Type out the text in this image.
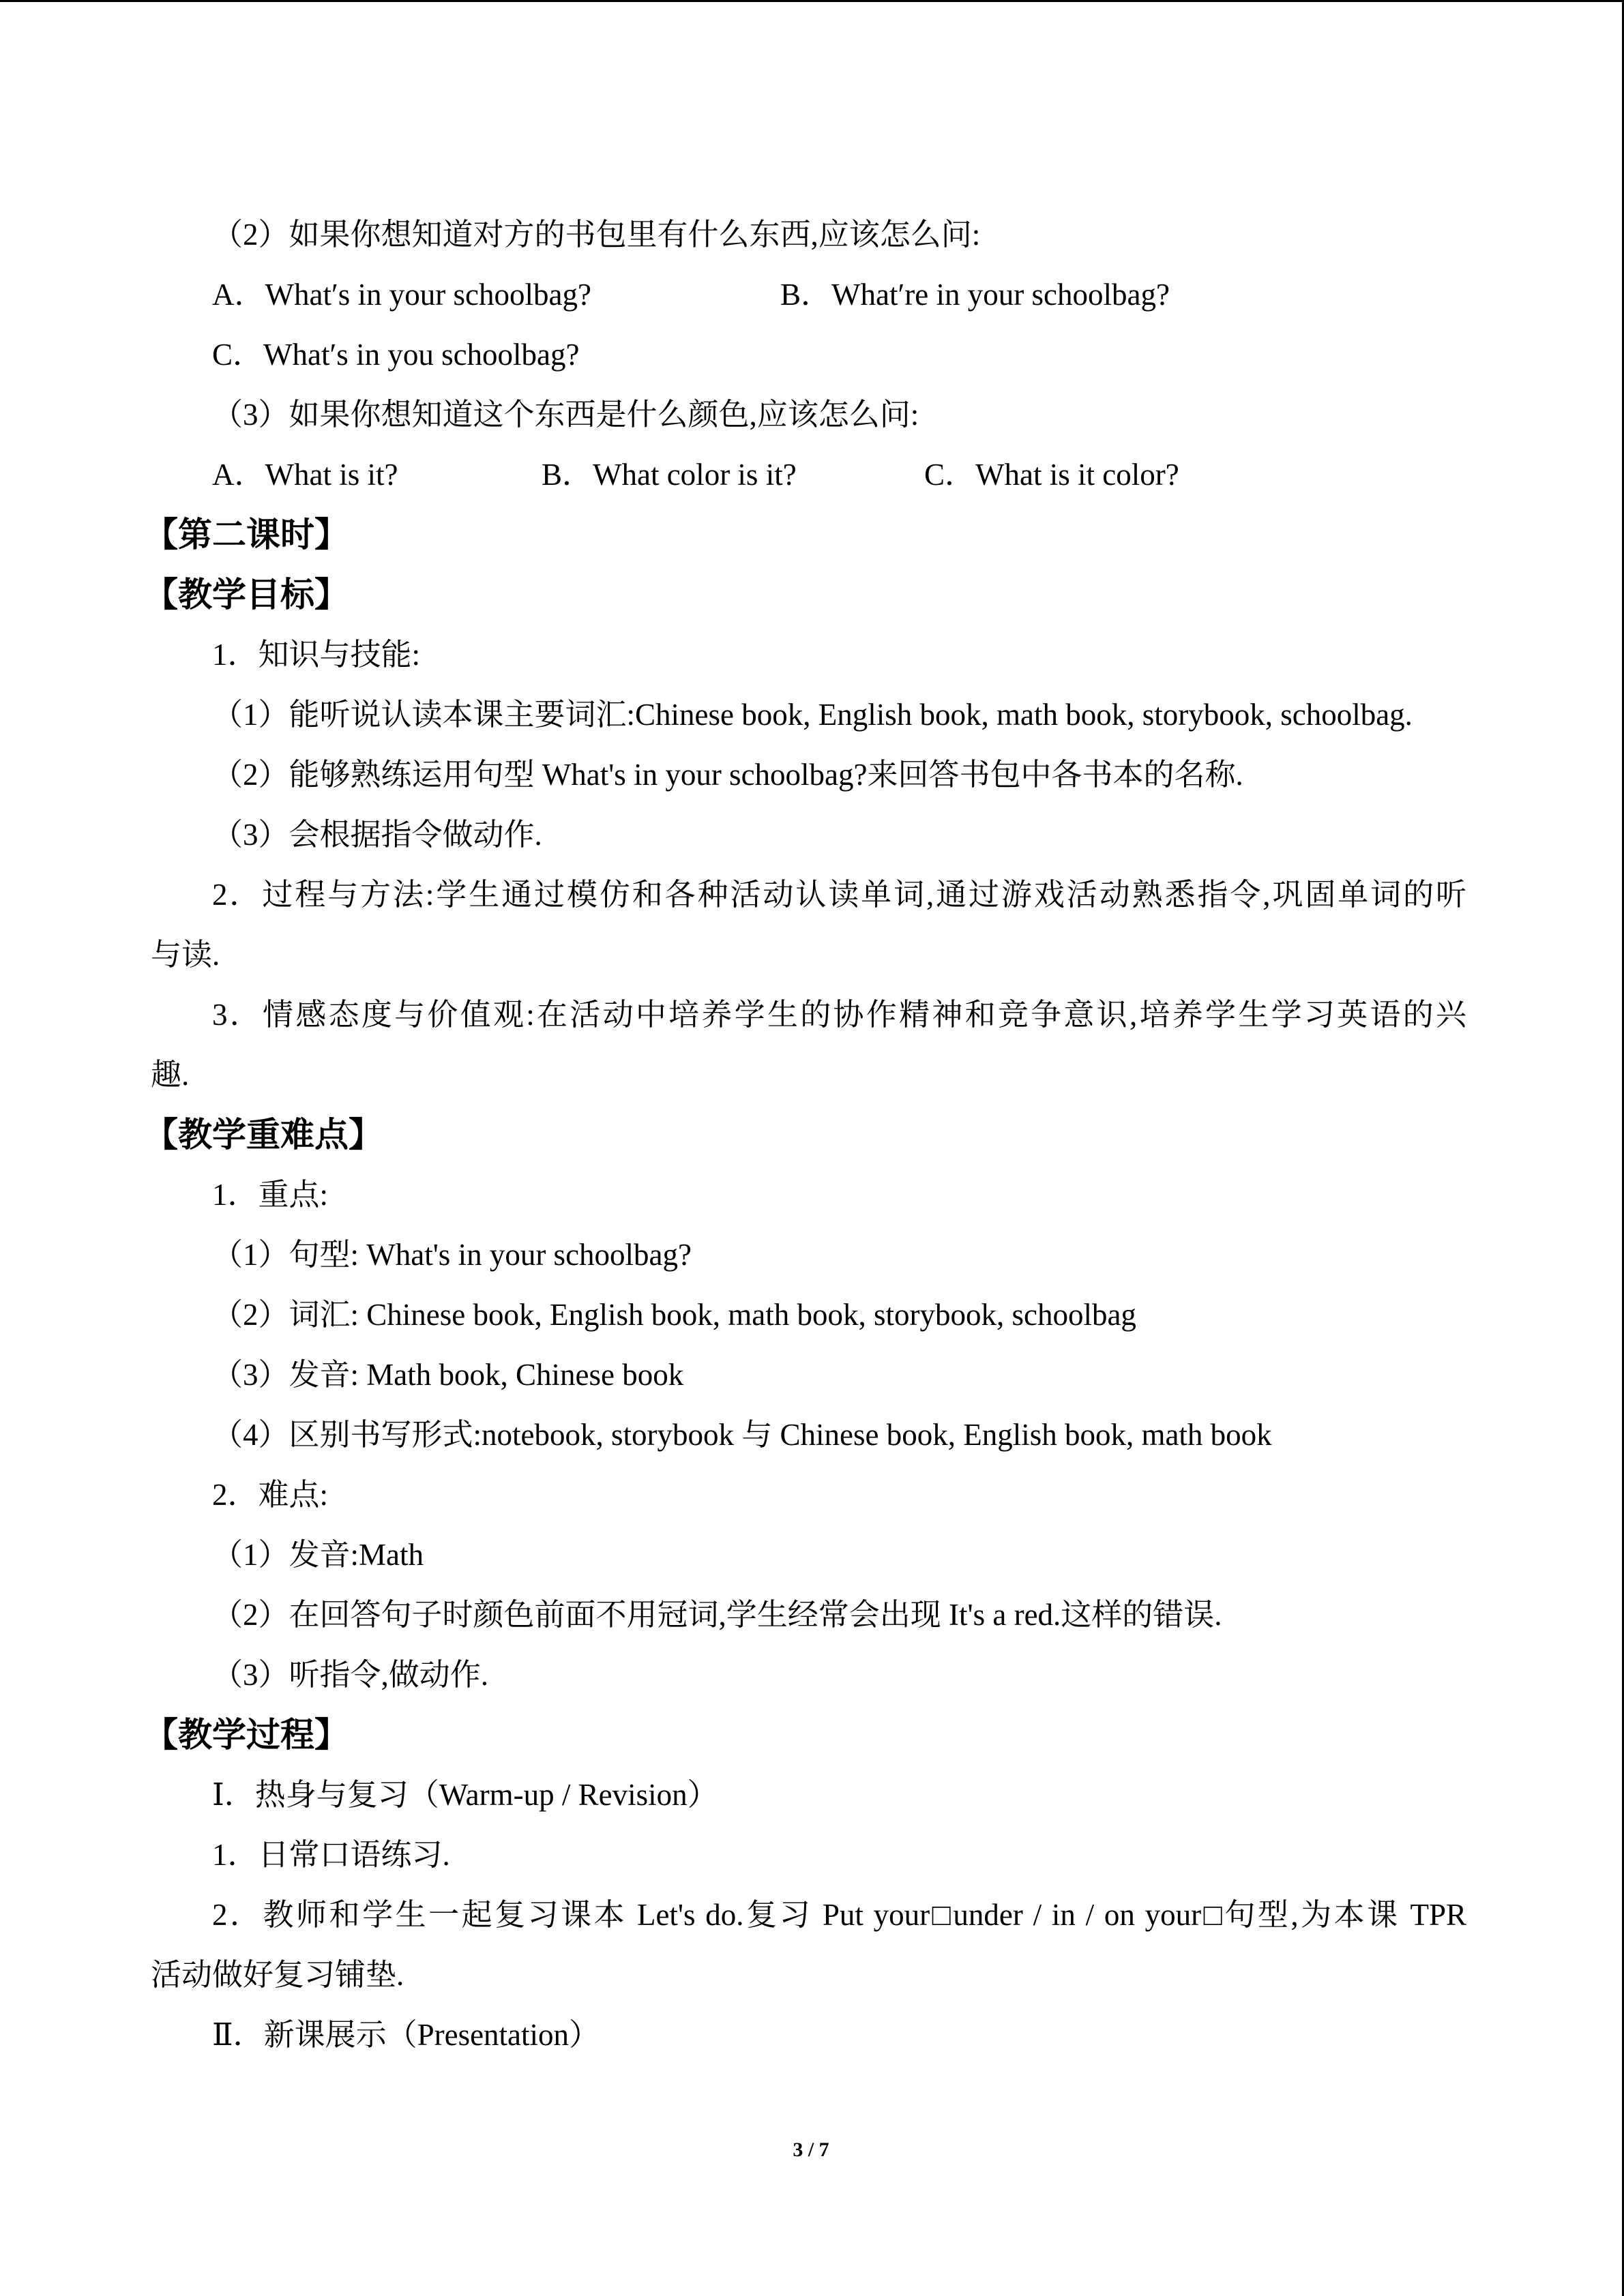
（2）如果你想知道对方的书包里有什么东西,应该怎么问:
A．What′s in your schoolbag?	B．What′re in your schoolbag?
C．What′s in you schoolbag?
（3）如果你想知道这个东西是什么颜色,应该怎么问:
A．What is it?	B．What color is it?	C．What is it color?
【第二课时】
【教学目标】
1．知识与技能:
（1）能听说认读本课主要词汇:Chinese book, English book, math book, storybook, schoolbag.
（2）能够熟练运用句型 What's in your schoolbag?来回答书包中各书本的名称.
（3）会根据指令做动作.
2．过程与方法:学生通过模仿和各种活动认读单词,通过游戏活动熟悉指令,巩固单词的听
与读.
3．情感态度与价值观:在活动中培养学生的协作精神和竞争意识,培养学生学习英语的兴
趣.
【教学重难点】
1．重点:
（1）句型: What's in your schoolbag?
（2）词汇: Chinese book, English book, math book, storybook, schoolbag
（3）发音: Math book, Chinese book
（4）区别书写形式:notebook, storybook 与 Chinese book, English book, math book
2．难点:
（1）发音:Math
（2）在回答句子时颜色前面不用冠词,学生经常会出现 It's a red.这样的错误.
（3）听指令,做动作.
【教学过程】
Ⅰ．热身与复习（Warm-up / Revision）
1．日常口语练习.
2．教师和学生一起复习课本 Let's do.复习 Put your□under / in / on your□句型,为本课 TPR
活动做好复习铺垫.
Ⅱ．新课展示（Presentation）
3 / 7
